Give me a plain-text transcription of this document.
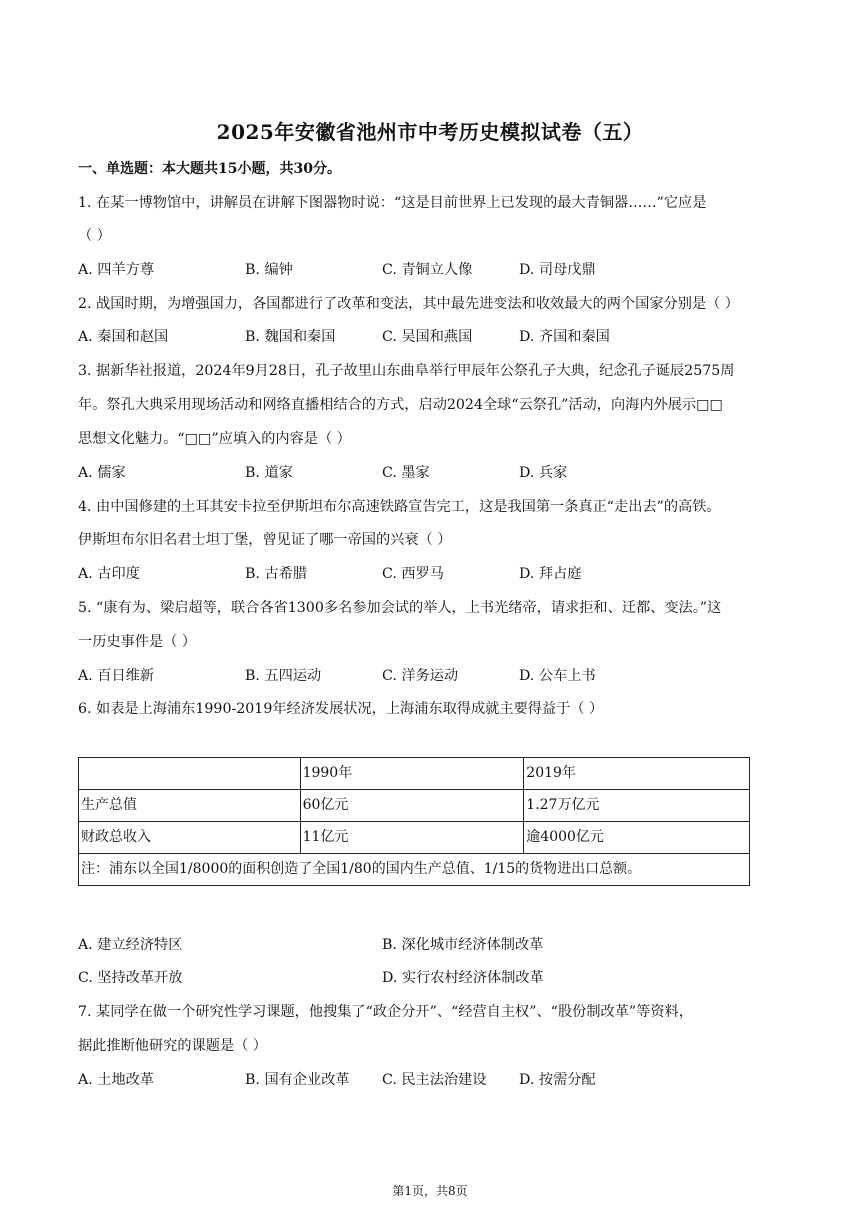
2025年安徽省池州市中考历史模拟试卷（五）
一、单选题：本大题共15小题，共30分。
1. 在某一博物馆中，讲解员在讲解下图器物时说：“这是目前世界上已发现的最大青铜器……”它应是
（ ）
A. 四羊方尊	B. 编钟	C. 青铜立人像	D. 司母戊鼎
2. 战国时期，为增强国力，各国都进行了改革和变法，其中最先进变法和收效最大的两个国家分别是（ ）
A. 秦国和赵国	B. 魏国和秦国	C. 吴国和燕国	D. 齐国和秦国
3. 据新华社报道，2024年9月28日，孔子故里山东曲阜举行甲辰年公祭孔子大典，纪念孔子诞辰2575周
年。祭孔大典采用现场活动和网络直播相结合的方式，启动2024全球“云祭孔”活动，向海内外展示□□
思想文化魅力。“□□”应填入的内容是（ ）
A. 儒家	B. 道家	C. 墨家	D. 兵家
4. 由中国修建的土耳其安卡拉至伊斯坦布尔高速铁路宣告完工，这是我国第一条真正“走出去”的高铁。
伊斯坦布尔旧名君士坦丁堡，曾见证了哪一帝国的兴衰（ ）
A. 古印度	B. 古希腊	C. 西罗马	D. 拜占庭
5. “康有为、梁启超等，联合各省1300多名参加会试的举人，上书光绪帝，请求拒和、迁都、变法。”这
一历史事件是（ ）
A. 百日维新	B. 五四运动	C. 洋务运动	D. 公车上书
6. 如表是上海浦东1990-2019年经济发展状况，上海浦东取得成就主要得益于（ ）
	1990年	2019年
生产总值	60亿元	1.27万亿元
财政总收入	11亿元	逾4000亿元
注：浦东以全国1/8000的面积创造了全国1/80的国内生产总值、1/15的货物进出口总额。		
A. 建立经济特区	B. 深化城市经济体制改革
C. 坚持改革开放	D. 实行农村经济体制改革
7. 某同学在做一个研究性学习课题，他搜集了“政企分开”、“经营自主权”、“股份制改革”等资料，
据此推断他研究的课题是（ ）
A. 土地改革	B. 国有企业改革 C. 民主法治建设 D. 按需分配
第1页，共8页
